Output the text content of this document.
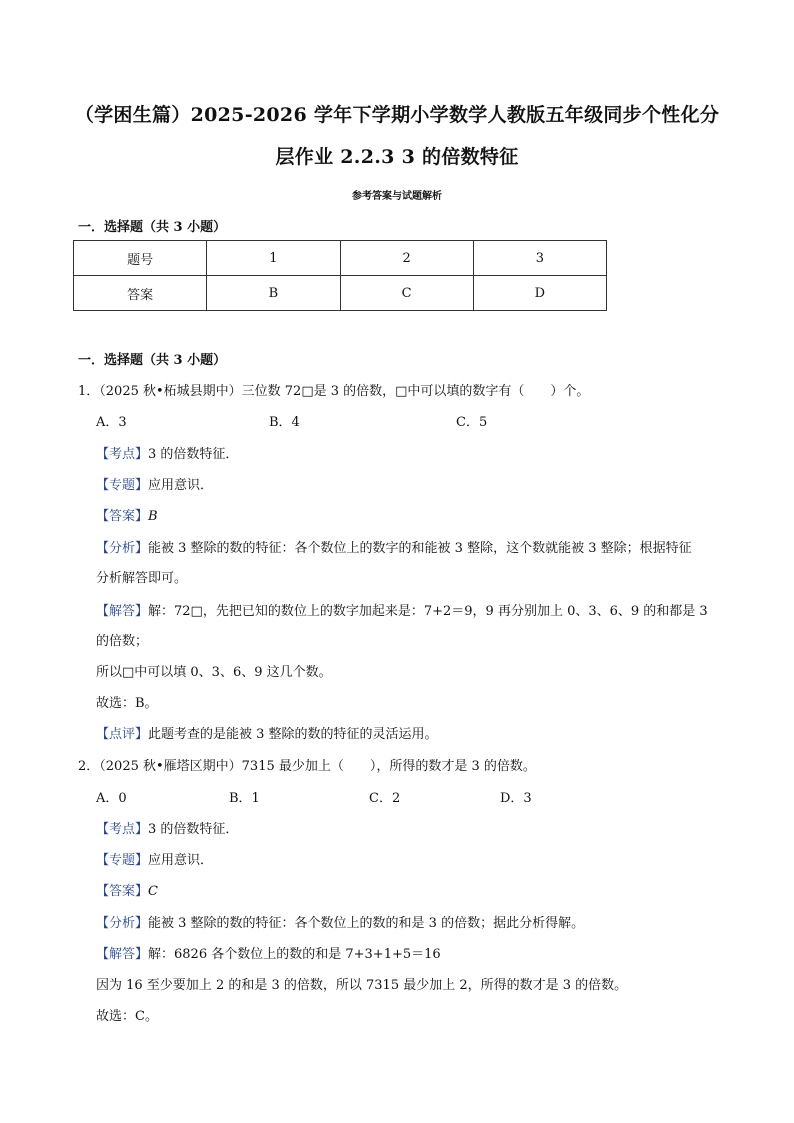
（学困生篇）2025-2026 学年下学期小学数学人教版五年级同步个性化分
层作业 2.2.3 3 的倍数特征
参考答案与试题解析
一．选择题（共 3 小题）
题号	1	2	3
答案	B	C	D
一．选择题（共 3 小题）
1．（2025 秋•柘城县期中）三位数 72□是 3 的倍数，□中可以填的数字有（　　）个。
A．3	B．4	C．5
【考点】3 的倍数特征．
【专题】应用意识．
【答案】B
【分析】能被 3 整除的数的特征：各个数位上的数字的和能被 3 整除，这个数就能被 3 整除；根据特征
分析解答即可。
【解答】解：72□，先把已知的数位上的数字加起来是：7+2＝9，9 再分别加上 0、3、6、9 的和都是 3
的倍数；
所以□中可以填 0、3、6、9 这几个数。
故选：B。
【点评】此题考查的是能被 3 整除的数的特征的灵活运用。
2．（2025 秋•雁塔区期中）7315 最少加上（　　），所得的数才是 3 的倍数。
A．0	B．1	C．2	D．3
【考点】3 的倍数特征．
【专题】应用意识．
【答案】C
【分析】能被 3 整除的数的特征：各个数位上的数的和是 3 的倍数；据此分析得解。
【解答】解：6826 各个数位上的数的和是 7+3+1+5＝16
因为 16 至少要加上 2 的和是 3 的倍数，所以 7315 最少加上 2，所得的数才是 3 的倍数。
故选：C。
